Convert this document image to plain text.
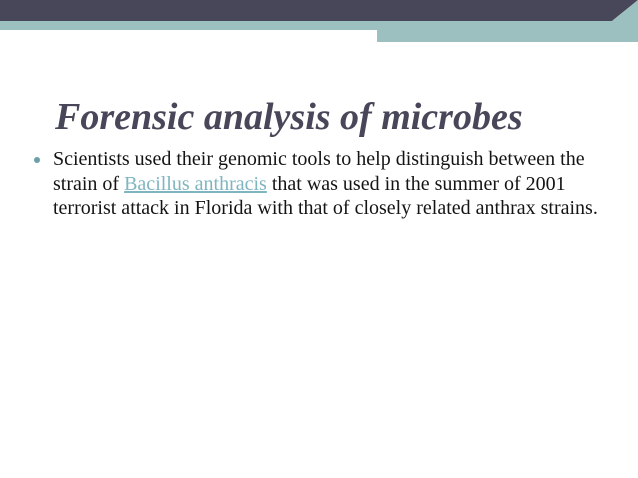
Forensic analysis of microbes
Scientists used their genomic tools to help distinguish between the strain of Bacillus anthracis that was used in the summer of 2001 terrorist attack in Florida with that of closely related anthrax strains.
